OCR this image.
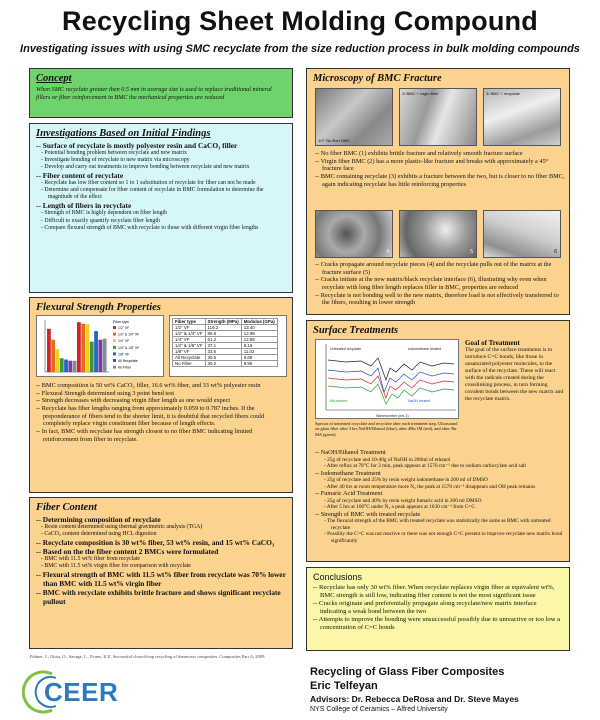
Recycling Sheet Molding Compound
Investigating issues with using SMC recyclate from the size reduction process in bulk molding compounds
Concept
When SMC recyclate greater then 0.5 mm in average size is used to replace traditional mineral fillers or fiber reinforcement in BMC the mechanical properties are reduced
Investigations Based on Initial Findings
-- Surface of recyclate is mostly polyester resin and CaCO₃ filler
- Potential bonding problem between recyclate and new matrix
- Investigate bonding of recyclate to new matrix via microscopy
- Develop and carry out treatments to improve bonding between recyclate and new matrix
-- Fiber content of recyclate
- Recyclate has low fiber content so 1 to 1 substitution of recyclate for fiber can not be made
- Determine and compensate for fiber content of recyclate in BMC formulation to determine the magnitude of the effect
-- Length of fibers in recyclate
- Strength of BMC is highly dependent on fiber length
- Difficult to exactly quantify recyclate fiber length
- Compare flexural strength of BMC with recyclate to those with different virgin fiber lengths
Flexural Strength Properties
Fiber type
1/2" VF
1/2" & 1/4" VF
1/4" VF
1/4" & 1/8" VF
1/8" VF
All Recyclate
No Fiber
Fiber type	Strength (MPa)	Modulus (GPa)
1/2" VF	116.2	13.40
1/2" & 1/4" VF	86.8	12.98
1/4" VF	61.2	12.89
1/4" & 1/8" VF	37.1	8.16
1/8" VF	33.6	11.02
All Recyclate	30.5	8.68
No Fiber	30.2	8.96
-- BMC composition is 50 wt% CaCO₃ filler, 16.6 wt% fiber, and 33 wt% polyester resin
-- Flexural Strength determined using 3 point bend test
-- Strength decreases with decreasing virgin fiber length as one would expect
-- Recyclate has fiber lengths ranging from approximately 0.059 to 0.787 inches. If the preponderance of fibers tend to the shorter limit, it is doubtful that recycled fibers could completely replace virgin constituent fiber because of length effects.
-- In fact, BMC with recyclate has strength closest to no fiber BMC indicating limited reinforcement from fiber in recyclate.
Fiber Content
-- Determining composition of recyclate
- Resin content determined using thermal gravimetric analysis (TGA)
- CaCO₃ content determined using HCL digestion
-- Recyclate composition is 30 wt% fiber, 53 wt% resin, and 15 wt% CaCO₃
-- Based on the the fiber content 2 BMCs were formulated
- BMC with 11.5 wt% fiber from recyclate
- BMC with 11.5 wt% virgin fiber for comparison with recyclate
-- Flexural strength of BMC with 11.5 wt% fiber from recyclate was 70% lower than BMC with 11.5 wt% virgin fiber
-- BMC with recyclate exhibits brittle fracture and shows significant recyclate pullout
Palmer, J., Ghita, O., Savage, L., Evans, K.E. Successful closed-loop recycling of thermoset composites. Composites Part A, 2009.
Microscopy of BMC Fracture
1/2" No fiber BMC
2/ BMC + virgin fiber	3/ BMC + recyclate
-- No fiber BMC (1) exhibits brittle fracture and relatively smooth fracture surface
-- Virgin fiber BMC (2) has a more plastic-like fracture and breaks with approximately a 45° fracture face
-- BMC containing recyclate (3) exhibits a fracture between the two, but is closer to no fiber BMC, again indicating recyclate has little reinforcing properties
4	5	6
-- Cracks propagate around recyclate pieces (4) and the recyclate pulls out of the matrix at the fracture surface (5)
-- Cracks initiate at the new matrix/black recyclate interface (6), illustrating why even when recyclate with long fiber length replaces filler in BMC, properties are reduced
-- Recyclate is not bonding well to the new matrix, therefore load is not effectively transferred to the fibers, resulting in lower strength
Surface Treatments
Untreated recyclate	Iodomethane treated
MA treated	NaOH treated
Wavenumber (cm-1)
Spectra of untreated recyclate and recyclate after each treatment step. Ultrasound on glass fiber after 3 hrs NaOH/Ethanol (blue), after 40hr IM (red), and after 5hr MA (green)
Goal of Treatment
The goal of the surface treatments is to introduce C=C bonds, like those in unsaturated polyester molecules, to the surface of the recyclate. These will react with the radicals created during the crosslinking process, in turn forming covalent bonds between the new matrix and the recyclate matrix.
-- NaOH/Ethanol Treatment
- 25g of recyclate and 10-40g of NaOH in 200ml of ethanol
- After reflux at 78°C for 3 min, peak appears at 1570 cm⁻¹ due to sodium carboxylate acid salt
-- Iodomethane Treatment
- 25g of recyclate and 25% by resin weight iodomethane in 200 ml of DMSO
- After 40 hrs at room temperature more N₂ the peak at 1570 cm⁻¹ disappears and OH peak remains
-- Fumaric Acid Treatment
- 25g of recyclate and 40% by resin weight fumaric acid in 200 ml DMSO
- After 5 hrs at 100°C under N₂ a peak appears at 1630 cm⁻¹ from C=C
-- Strength of BMC with treated recyclate
- The flexural strength of the BMC with treated recyclate was statistically the same as BMC with untreated recyclate
- Possibly the C=C was not reactive or there was not enough C=C present to improve recyclate new matrix bond significantly
Conclusions
-- Recyclate has only 30 wt% fiber. When recyclate replaces virgin fiber at equivalent wt%, BMC strength is still low, indicating fiber content is not the most significant issue
-- Cracks originate and preferentially propagate along recyclate/new matrix interface indicating a weak bond between the two
-- Attempts to improve the bonding were unsuccessful possibly due to unreactive or too low a concentration of C=C bonds
CEER
Recycling of Glass Fiber Composites
Eric Telfeyan
Advisors: Dr. Rebecca DeRosa and Dr. Steve Mayes
NYS College of Ceramics – Alfred University
